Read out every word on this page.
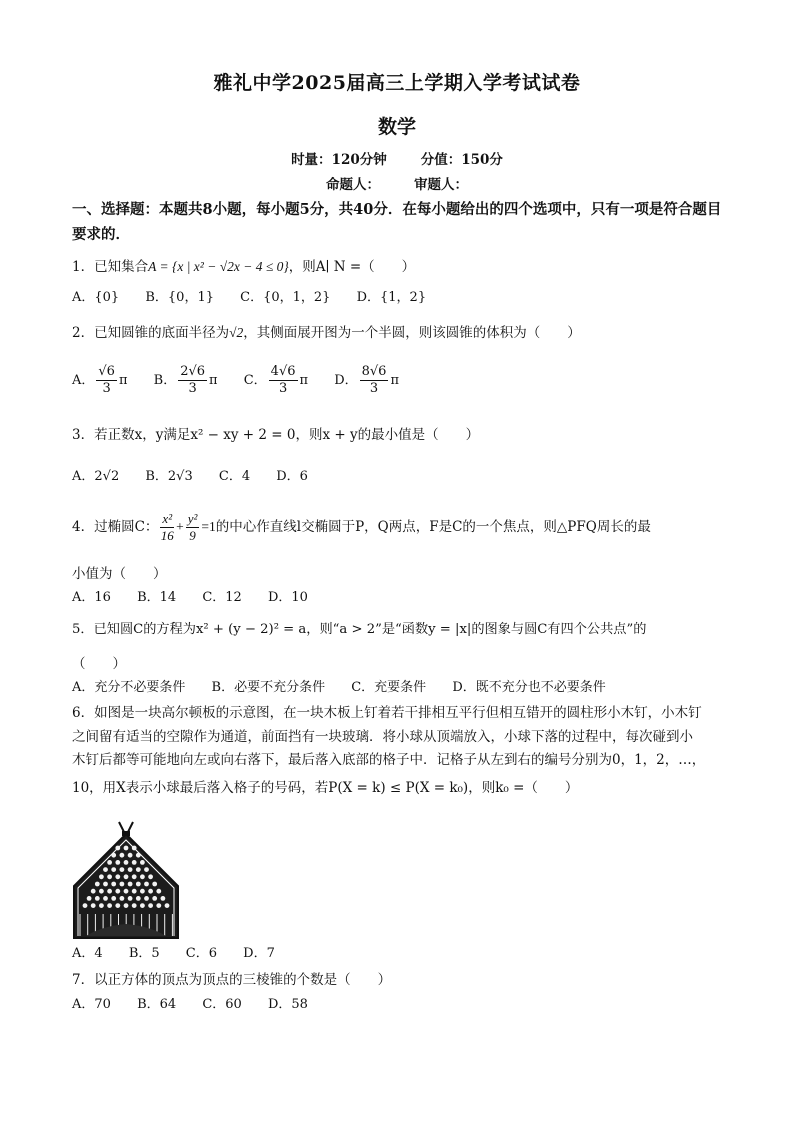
雅礼中学2025届高三上学期入学考试试卷
数学
时量：120分钟	分值：150分
命题人：	审题人：
一、选择题：本题共8小题，每小题5分，共40分．在每小题给出的四个选项中，只有一项是符合题目要求的．
1．已知集合A = {x | x² − √2x − 4 ≤ 0}，则A∣ N =（　　）
A．{0} B．{0，1} C．{0，1，2} D．{1，2}
2．已知圆锥的底面半径为√2，其侧面展开图为一个半圆，则该圆锥的体积为（　　）
A． $\frac{√6}{3}$ π B． $\frac{2√6}{3}$ π C． $\frac{4√6}{3}$ π D． $\frac{8√6}{3}$ π
3．若正数x，y满足x² − xy + 2 = 0，则x + y的最小值是（　　）
A．2√2 B．2√3 C．4 D．6
4．过椭圆C： $\frac{\text{x²}}{16} + \frac{\text{y²}}{9} =1$的中心作直线l交椭圆于P，Q两点，F是C的一个焦点，则△PFQ周长的最
小值为（　　）
A．16 B．14 C．12 D．10
5．已知圆C的方程为x² + (y − 2)² = a，则“a > 2”是“函数y = |x|的图象与圆C有四个公共点”的
（　　）
A．充分不必要条件 B．必要不充分条件 C．充要条件 D．既不充分也不必要条件
6．如图是一块高尔顿板的示意图，在一块木板上钉着若干排相互平行但相互错开的圆柱形小木钉，小木钉
之间留有适当的空隙作为通道，前面挡有一块玻璃．将小球从顶端放入，小球下落的过程中，每次碰到小
木钉后都等可能地向左或向右落下，最后落入底部的格子中．记格子从左到右的编号分别为0，1，2，…，
10，用X表示小球最后落入格子的号码，若P(X = k) ≤ P(X = k₀)，则k₀ =（　　）
A．4 B．5 C．6 D．7
7．以正方体的顶点为顶点的三棱锥的个数是（　　）
A．70 B．64 C．60 D．58
